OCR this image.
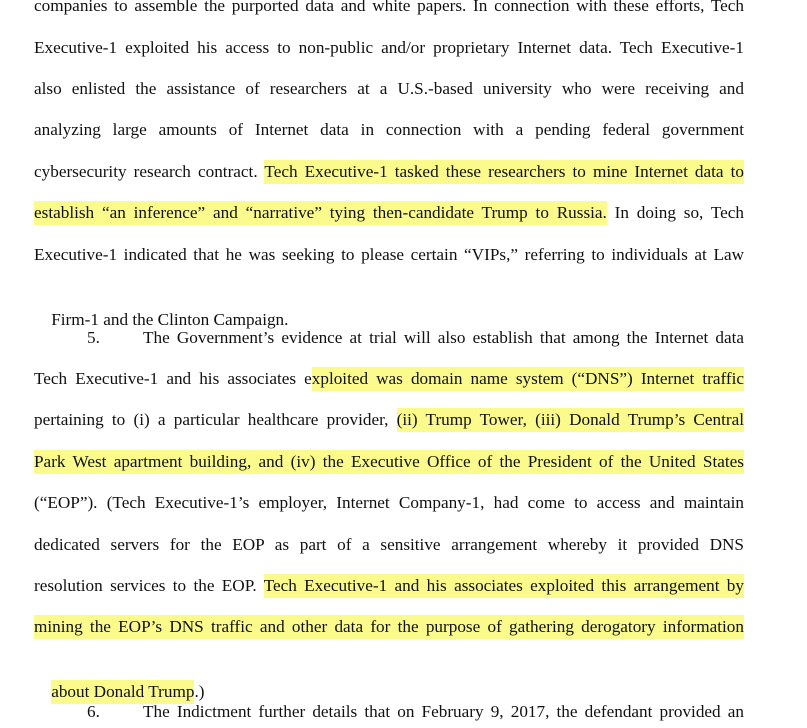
companies to assemble the purported data and white papers. In connection with these efforts, Tech
Executive-1 exploited his access to non-public and/or proprietary Internet data. Tech Executive-1
also enlisted the assistance of researchers at a U.S.-based university who were receiving and
analyzing large amounts of Internet data in connection with a pending federal government
cybersecurity research contract. Tech Executive-1 tasked these researchers to mine Internet data to
establish “an inference” and “narrative” tying then-candidate Trump to Russia. In doing so, Tech
Executive-1 indicated that he was seeking to please certain “VIPs,” referring to individuals at Law

Firm-1 and the Clinton Campaign.

5.	The Government’s evidence at trial will also establish that among the Internet data
Tech Executive-1 and his associates exploited was domain name system (“DNS”) Internet traffic
pertaining to (i) a particular healthcare provider, (ii) Trump Tower, (iii) Donald Trump’s Central
Park West apartment building, and (iv) the Executive Office of the President of the United States
(“EOP”). (Tech Executive-1’s employer, Internet Company-1, had come to access and maintain
dedicated servers for the EOP as part of a sensitive arrangement whereby it provided DNS
resolution services to the EOP. Tech Executive-1 and his associates exploited this arrangement by
mining the EOP’s DNS traffic and other data for the purpose of gathering derogatory information

about Donald Trump.)

6.	The Indictment further details that on February 9, 2017, the defendant provided an
